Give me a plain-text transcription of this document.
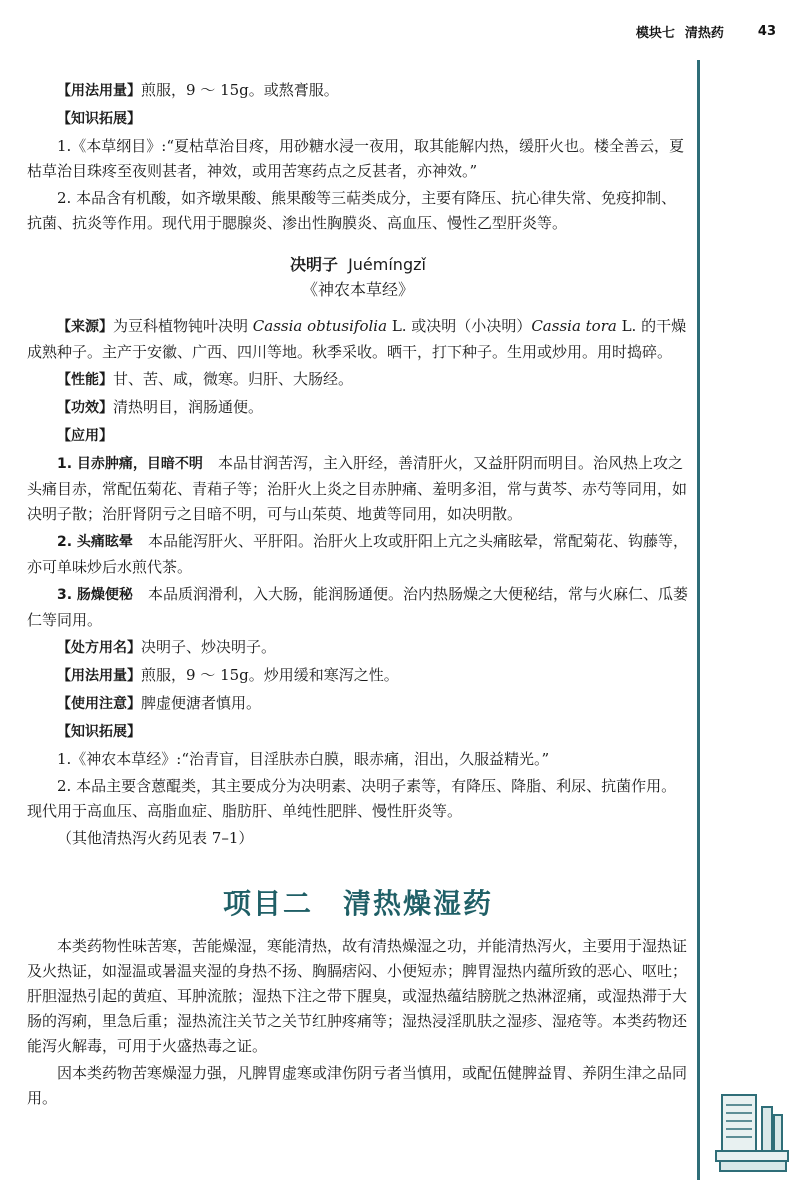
模块七 清热药	43

【用法用量】煎服，9 ～ 15g。或熬膏服。

【知识拓展】

1.《本草纲目》:“夏枯草治目疼，用砂糖水浸一夜用，取其能解内热，缓肝火也。楼全善云，夏枯草治目珠疼至夜则甚者，神效，或用苦寒药点之反甚者，亦神效。”

2. 本品含有机酸，如齐墩果酸、熊果酸等三萜类成分，主要有降压、抗心律失常、免疫抑制、抗菌、抗炎等作用。现代用于腮腺炎、渗出性胸膜炎、高血压、慢性乙型肝炎等。

决明子 Juémíngzǐ
《神农本草经》

【来源】为豆科植物钝叶决明 Cassia obtusifolia L. 或决明（小决明）Cassia tora L. 的干燥成熟种子。主产于安徽、广西、四川等地。秋季采收。晒干，打下种子。生用或炒用。用时捣碎。

【性能】甘、苦、咸，微寒。归肝、大肠经。

【功效】清热明目，润肠通便。

【应用】

1. 目赤肿痛，目暗不明　 本品甘润苦泻，主入肝经，善清肝火，又益肝阴而明目。治风热上攻之头痛目赤，常配伍菊花、青葙子等；治肝火上炎之目赤肿痛、羞明多泪，常与黄芩、赤芍等同用，如决明子散；治肝肾阴亏之目暗不明，可与山茱萸、地黄等同用，如决明散。

2. 头痛眩晕　 本品能泻肝火、平肝阳。治肝火上攻或肝阳上亢之头痛眩晕，常配菊花、钩藤等，亦可单味炒后水煎代茶。

3. 肠燥便秘　 本品质润滑利，入大肠，能润肠通便。治内热肠燥之大便秘结，常与火麻仁、瓜蒌仁等同用。

【处方用名】决明子、炒决明子。

【用法用量】煎服，9 ～ 15g。炒用缓和寒泻之性。

【使用注意】脾虚便溏者慎用。

【知识拓展】

1.《神农本草经》:“治青盲，目淫肤赤白膜，眼赤痛，泪出，久服益精光。”

2. 本品主要含蒽醌类，其主要成分为决明素、决明子素等，有降压、降脂、利尿、抗菌作用。现代用于高血压、高脂血症、脂肪肝、单纯性肥胖、慢性肝炎等。

（其他清热泻火药见表 7–1）

项目二 清热燥湿药

本类药物性味苦寒，苦能燥湿，寒能清热，故有清热燥湿之功，并能清热泻火，主要用于湿热证及火热证，如湿温或暑温夹湿的身热不扬、胸膈痞闷、小便短赤；脾胃湿热内蕴所致的恶心、呕吐；肝胆湿热引起的黄疸、耳肿流脓；湿热下注之带下腥臭，或湿热蕴结膀胱之热淋涩痛，或湿热滞于大肠的泻痢，里急后重；湿热流注关节之关节红肿疼痛等；湿热浸淫肌肤之湿疹、湿疮等。本类药物还能泻火解毒，可用于火盛热毒之证。

因本类药物苦寒燥湿力强，凡脾胃虚寒或津伤阴亏者当慎用，或配伍健脾益胃、养阴生津之品同用。
